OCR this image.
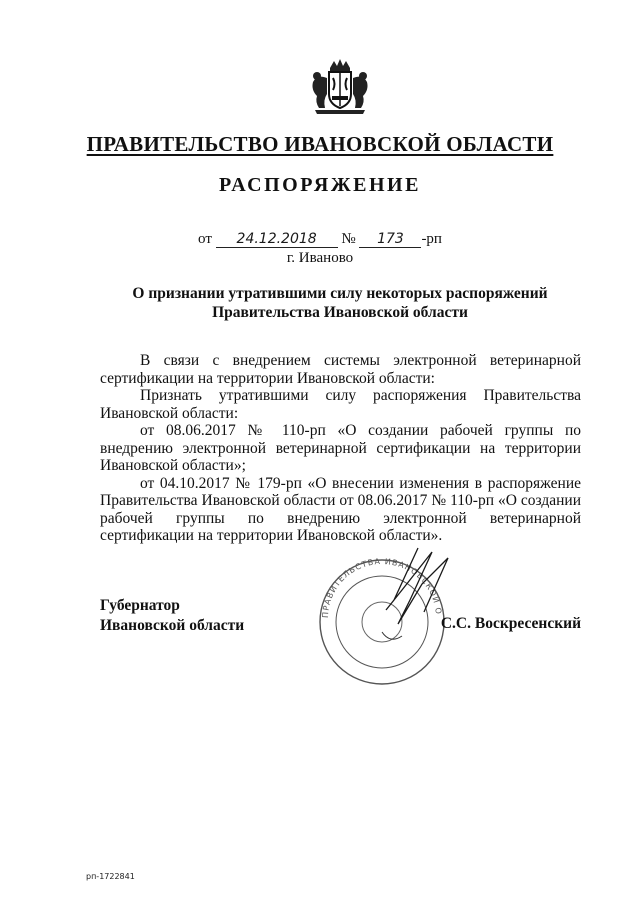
ПРАВИТЕЛЬСТВО ИВАНОВСКОЙ ОБЛАСТИ
РАСПОРЯЖЕНИЕ
от 24.12.2018 № 173 -рп
г. Иваново
О признании утратившими силу некоторых распоряжений
Правительства Ивановской области

В связи с внедрением системы электронной ветеринарной сертификации на территории Ивановской области:

Признать утратившими силу распоряжения Правительства Ивановской области:

от 08.06.2017 № 110-рп «О создании рабочей группы по внедрению электронной ветеринарной сертификации на территории Ивановской области»;

от 04.10.2017 № 179-рп «О внесении изменения в распоряжение Правительства Ивановской области от 08.06.2017 № 110-рп «О создании рабочей группы по внедрению электронной ветеринарной сертификации на территории Ивановской области».

ПРАВИТЕЛЬСТВА ИВАНОВСКОЙ О
Губернатор
Ивановской области	С.С. Воскресенский
рп-1722841
